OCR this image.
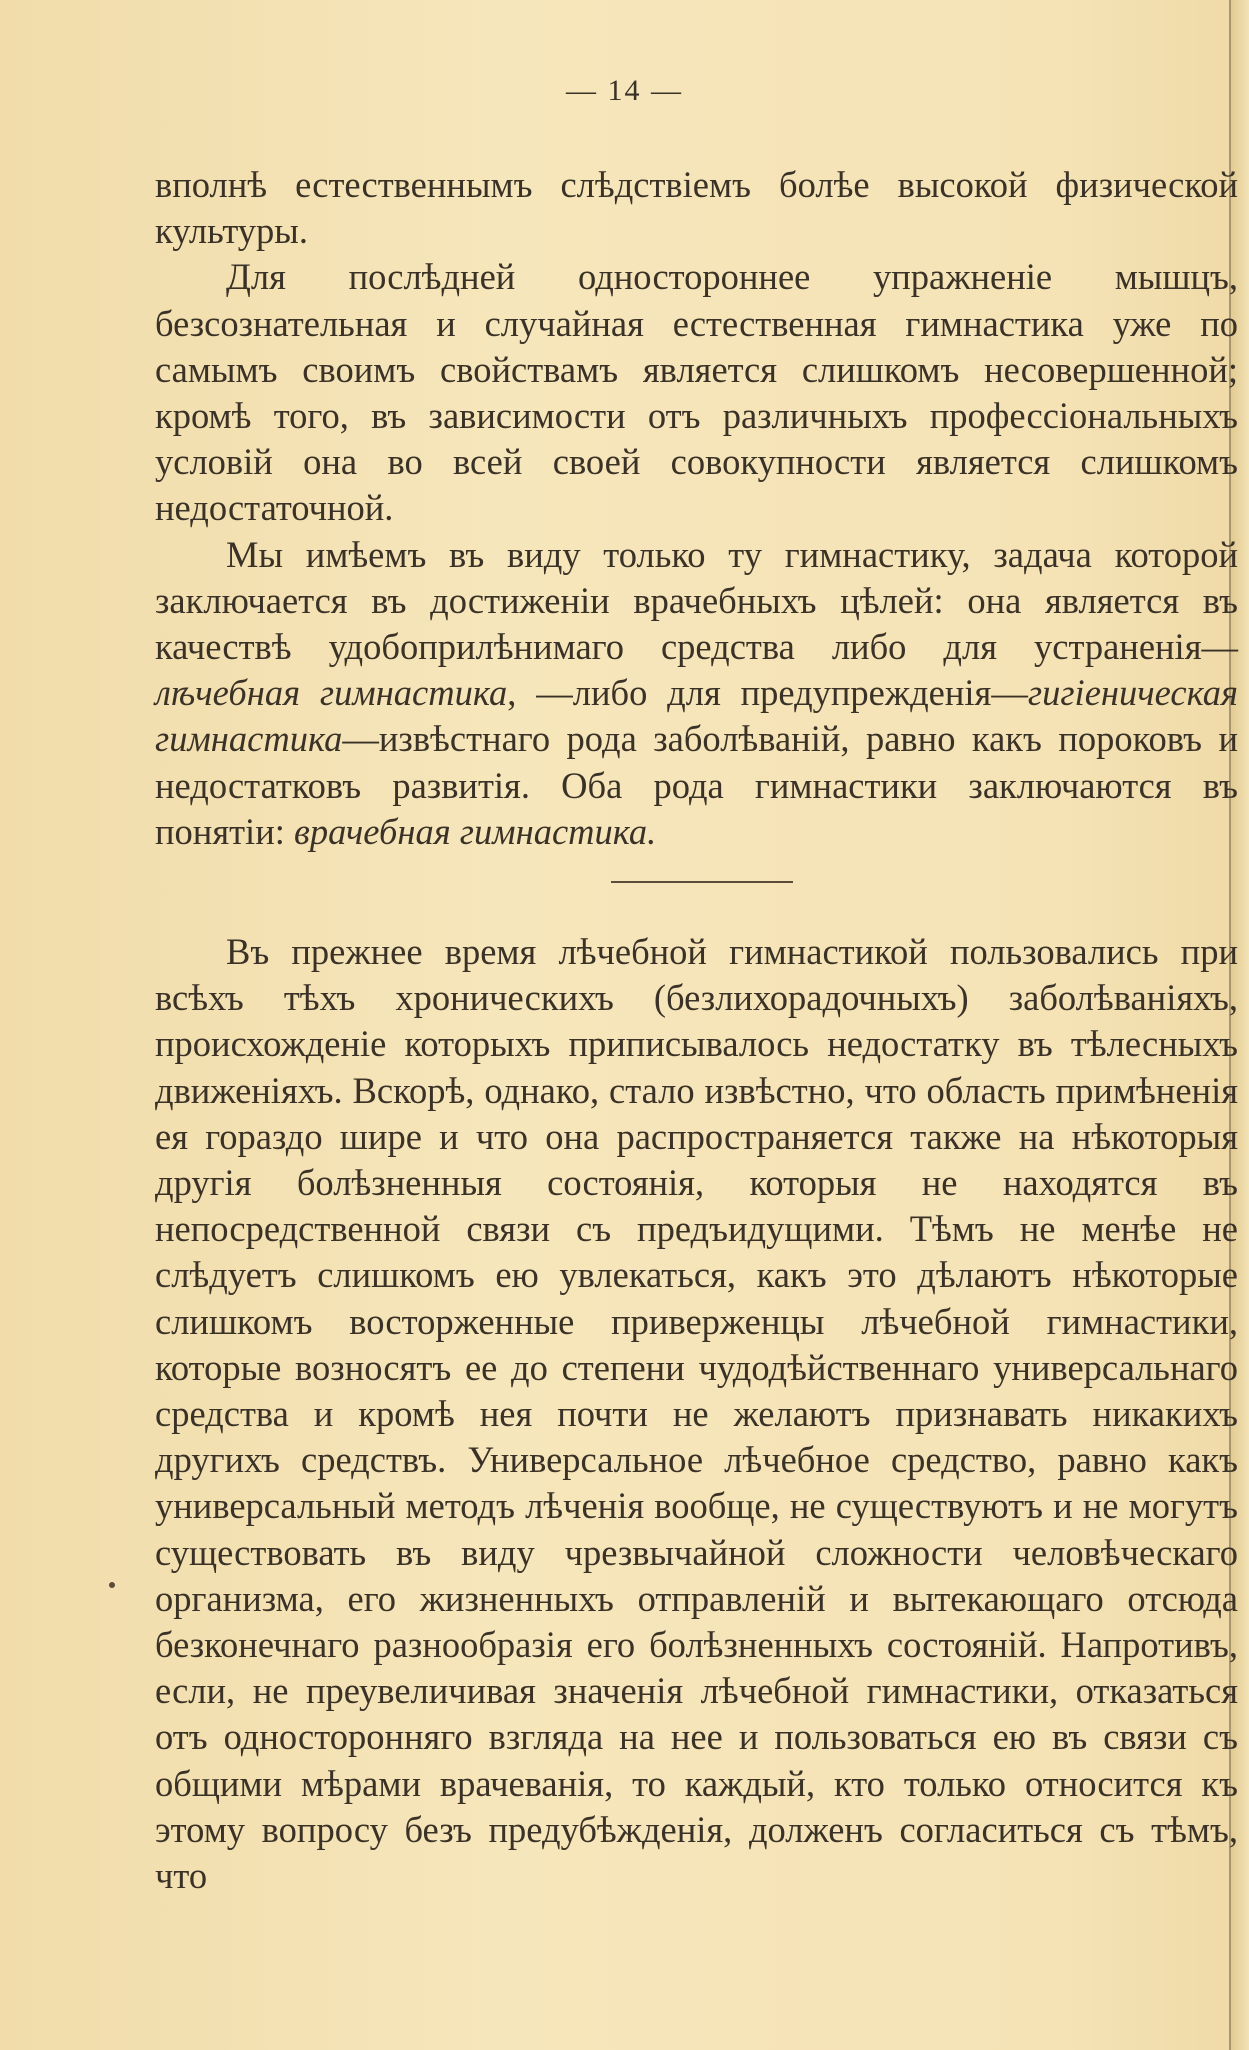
— 14 —

вполнѣ естественнымъ слѣдствіемъ болѣе высокой физической культуры.

Для послѣдней одностороннее упражненіе мышцъ, безсознательная и случайная естественная гимнастика уже по самымъ своимъ свойствамъ является слишкомъ несовершенной; кромѣ того, въ зависимости отъ различныхъ профессіональныхъ условій она во всей своей совокупности является слишкомъ недостаточной.

Мы имѣемъ въ виду только ту гимнастику, задача которой заключается въ достиженіи врачебныхъ цѣлей: она является въ качествѣ удобоприлѣнимаго средства либо для устраненія—лѣчебная гимнастика, —либо для предупрежденія—гигіеническая гимнастика—извѣстнаго рода заболѣваній, равно какъ пороковъ и недостатковъ развитія. Оба рода гимнастики заключаются въ понятіи: врачебная гимнастика.

Въ прежнее время лѣчебной гимнастикой пользовались при всѣхъ тѣхъ хроническихъ (безлихорадочныхъ) заболѣваніяхъ, происхожденіе которыхъ приписывалось недостатку въ тѣлесныхъ движеніяхъ. Вскорѣ, однако, стало извѣстно, что область примѣненія ея гораздо шире и что она распространяется также на нѣкоторыя другія болѣзненныя состоянія, которыя не находятся въ непосредственной связи съ предъидущими. Тѣмъ не менѣе не слѣдуетъ слишкомъ ею увлекаться, какъ это дѣлаютъ нѣкоторые слишкомъ восторженные приверженцы лѣчебной гимнастики, которые возносятъ ее до степени чудодѣйственнаго универсальнаго средства и кромѣ нея почти не желаютъ признавать никакихъ другихъ средствъ. Универсальное лѣчебное средство, равно какъ универсальный методъ лѣченія вообще, не существуютъ и не могутъ существовать въ виду чрезвычайной сложности человѣческаго организма, его жизненныхъ отправленій и вытекающаго отсюда безконечнаго разнообразія его болѣзненныхъ состояній. Напротивъ, если, не преувеличивая значенія лѣчебной гимнастики, отказаться отъ односторонняго взгляда на нее и пользоваться ею въ связи съ общими мѣрами врачеванія, то каждый, кто только относится къ этому вопросу безъ предубѣжденія, долженъ согласиться съ тѣмъ, что
